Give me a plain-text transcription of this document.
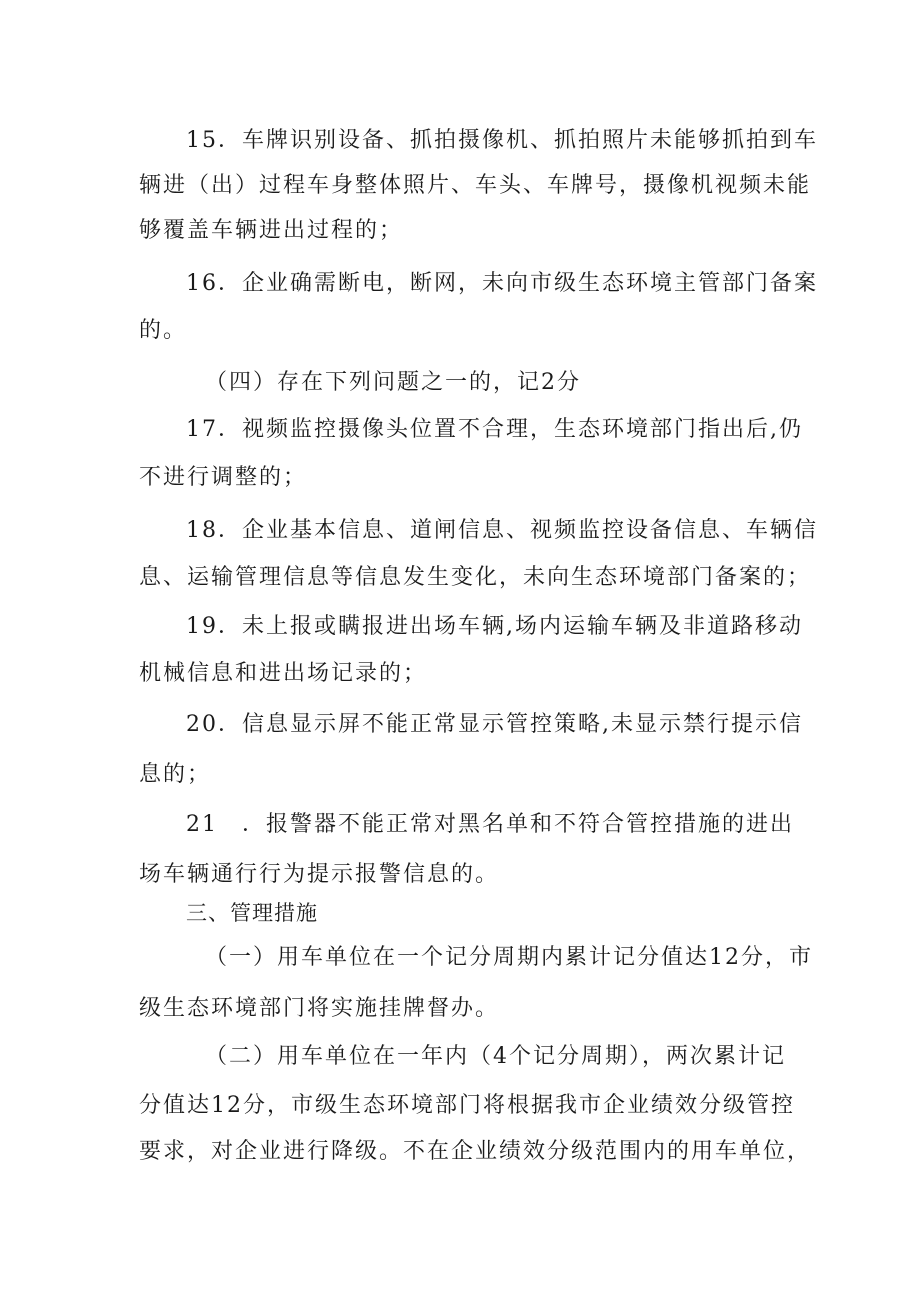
15．车牌识别设备、抓拍摄像机、抓拍照片未能够抓拍到车
辆进（出）过程车身整体照片、车头、车牌号，摄像机视频未能
够覆盖车辆进出过程的；
16．企业确需断电，断网，未向市级生态环境主管部门备案
的。
（四）存在下列问题之一的，记2分
17．视频监控摄像头位置不合理，生态环境部门指出后,仍
不进行调整的；
18．企业基本信息、道闸信息、视频监控设备信息、车辆信
息、运输管理信息等信息发生变化，未向生态环境部门备案的；
19．未上报或瞒报进出场车辆,场内运输车辆及非道路移动
机械信息和进出场记录的；
20．信息显示屏不能正常显示管控策略,未显示禁行提示信
息的；
21　．报警器不能正常对黑名单和不符合管控措施的进出
场车辆通行行为提示报警信息的。
三、管理措施
（一）用车单位在一个记分周期内累计记分值达12分，市
级生态环境部门将实施挂牌督办。
（二）用车单位在一年内（4个记分周期），两次累计记
分值达12分，市级生态环境部门将根据我市企业绩效分级管控
要求，对企业进行降级。不在企业绩效分级范围内的用车单位，
